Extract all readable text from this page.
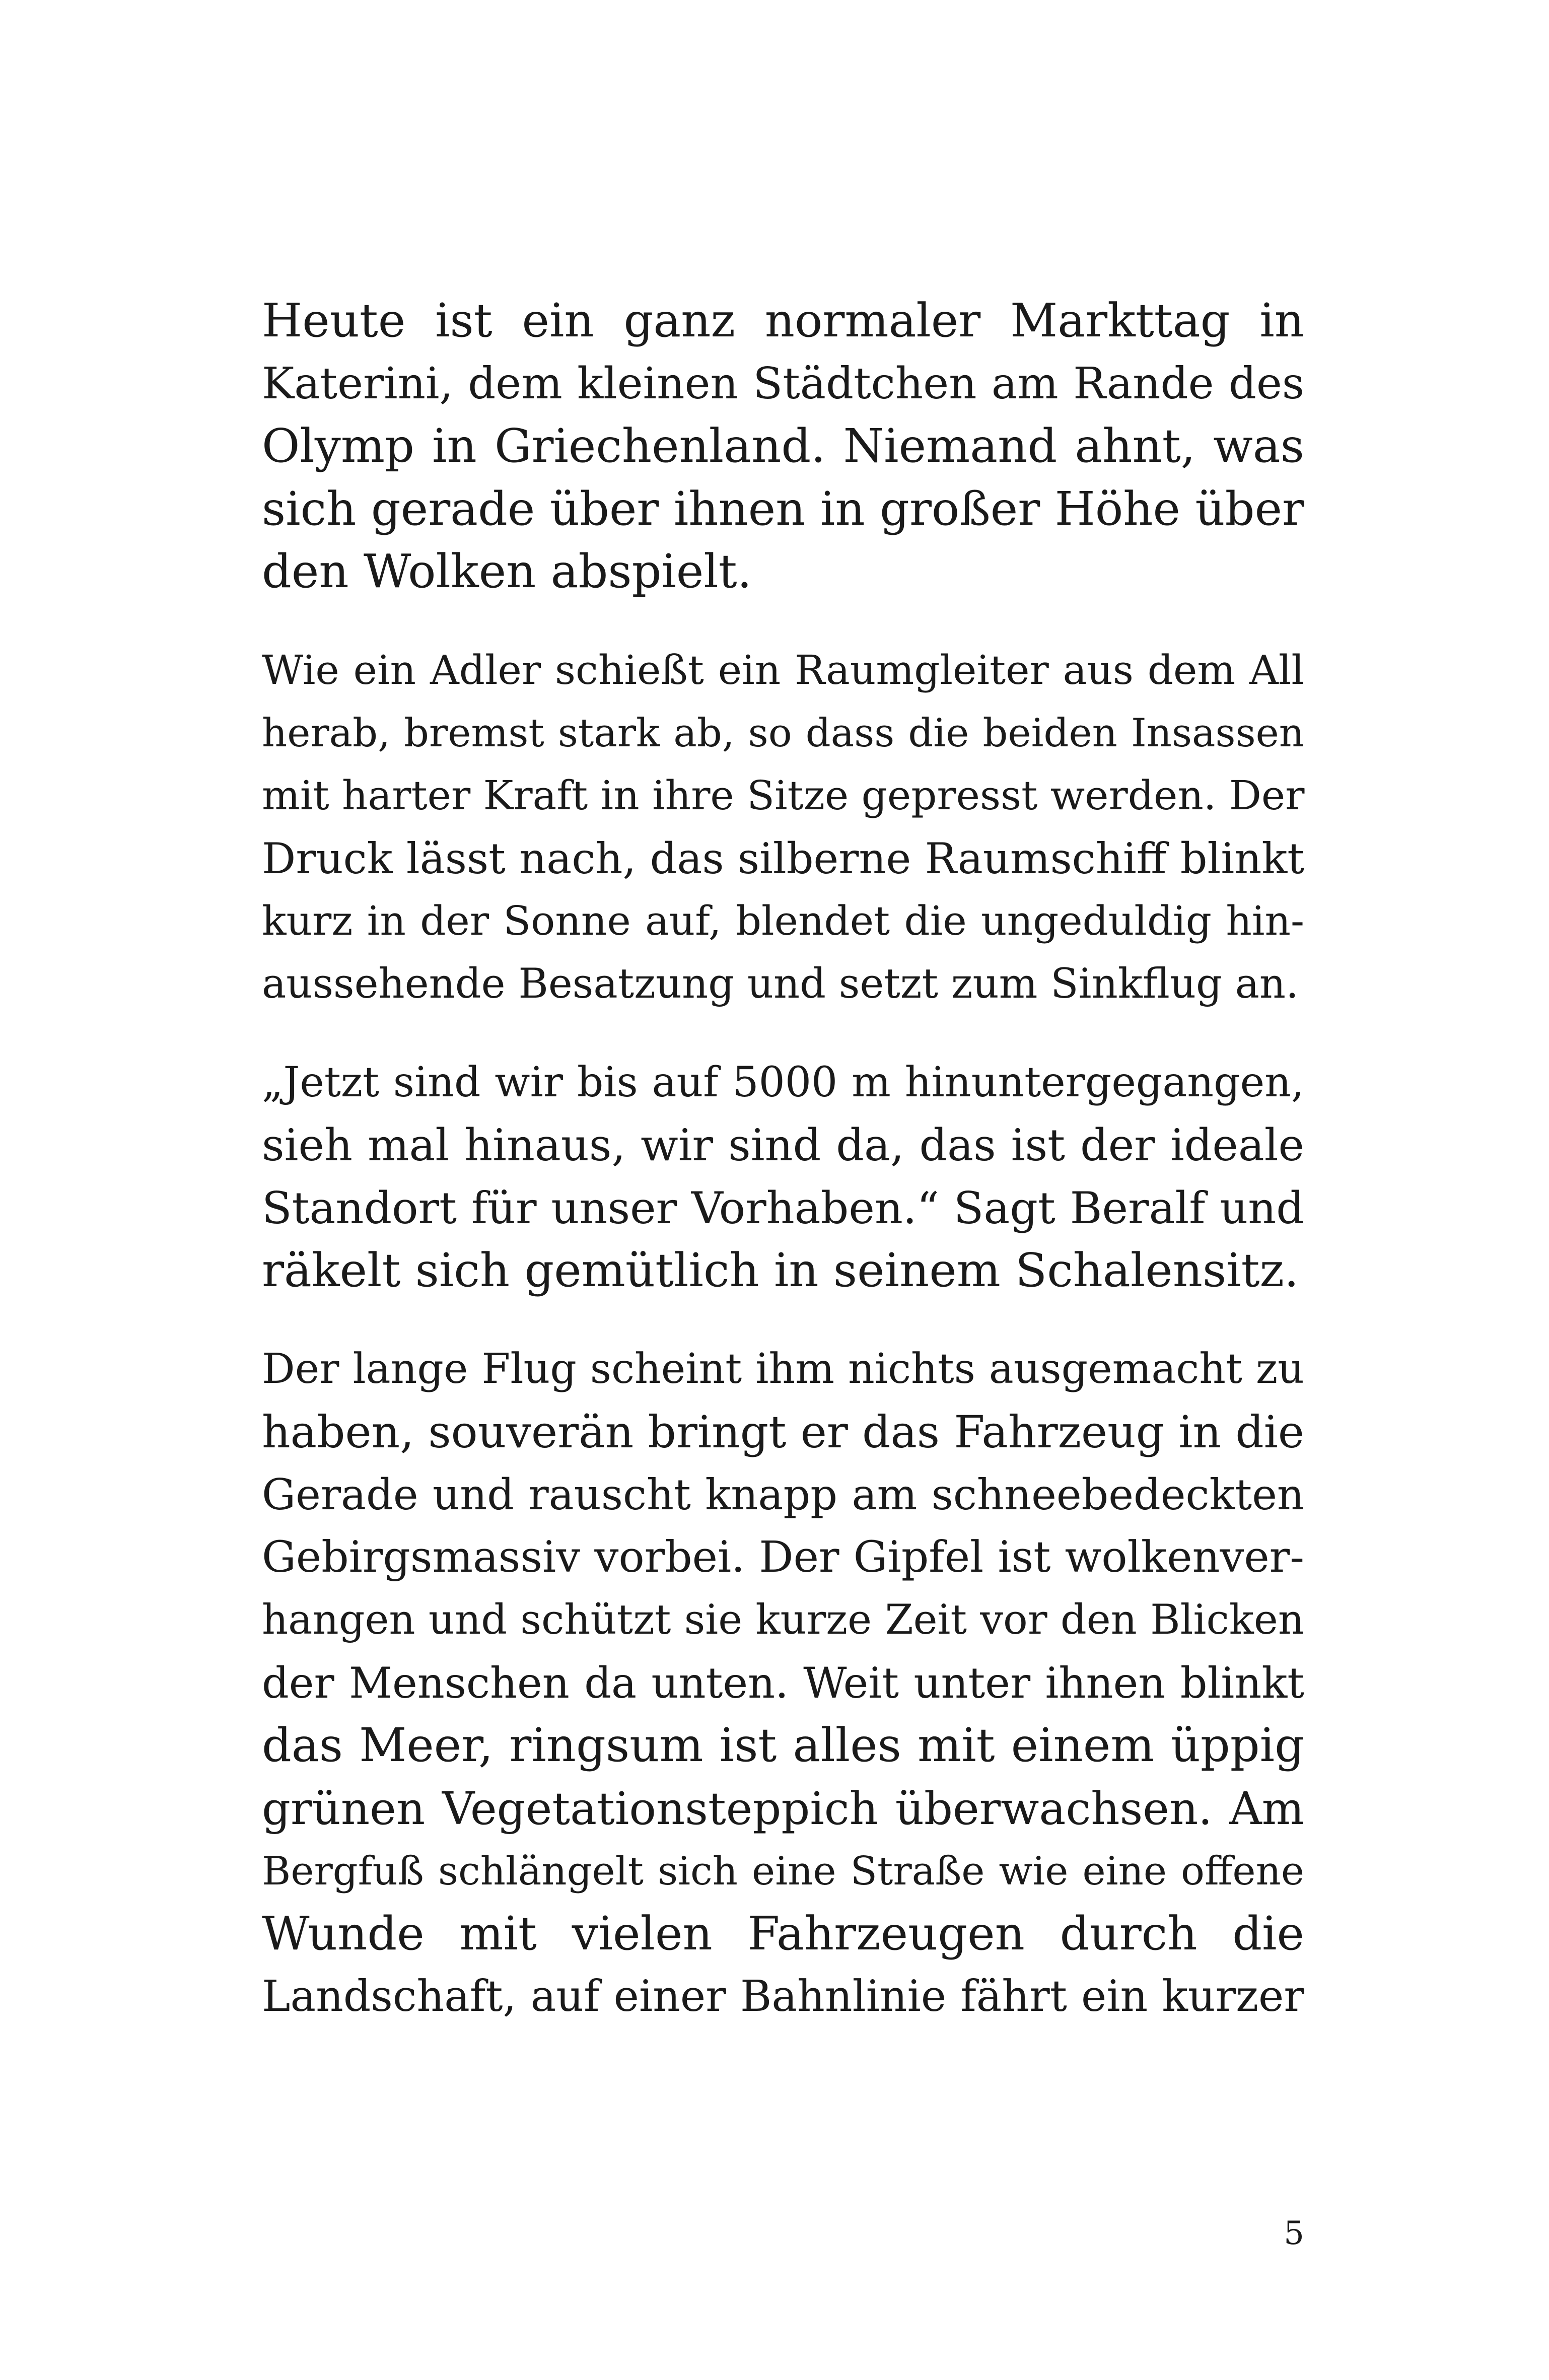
Heute ist ein ganz normaler Markttag in
Katerini, dem kleinen Städtchen am Rande des
Olymp in Griechenland. Niemand ahnt, was
sich gerade über ihnen in großer Höhe über
den Wolken abspielt.

Wie ein Adler schießt ein Raumgleiter aus dem All
herab, bremst stark ab, so dass die beiden Insassen
mit harter Kraft in ihre Sitze gepresst werden. Der
Druck lässt nach, das silberne Raumschiff blinkt
kurz in der Sonne auf, blendet die ungeduldig hin-
aussehende Besatzung und setzt zum Sinkflug an.

„Jetzt sind wir bis auf 5000 m hinuntergegangen,
sieh mal hinaus, wir sind da, das ist der ideale
Standort für unser Vorhaben.“ Sagt Beralf und
räkelt sich gemütlich in seinem Schalensitz.

Der lange Flug scheint ihm nichts ausgemacht zu
haben, souverän bringt er das Fahrzeug in die
Gerade und rauscht knapp am schneebedeckten
Gebirgsmassiv vorbei. Der Gipfel ist wolkenver-
hangen und schützt sie kurze Zeit vor den Blicken
der Menschen da unten. Weit unter ihnen blinkt
das Meer, ringsum ist alles mit einem üppig
grünen Vegetationsteppich überwachsen. Am
Bergfuß schlängelt sich eine Straße wie eine offene
Wunde mit vielen Fahrzeugen durch die
Landschaft, auf einer Bahnlinie fährt ein kurzer

5
